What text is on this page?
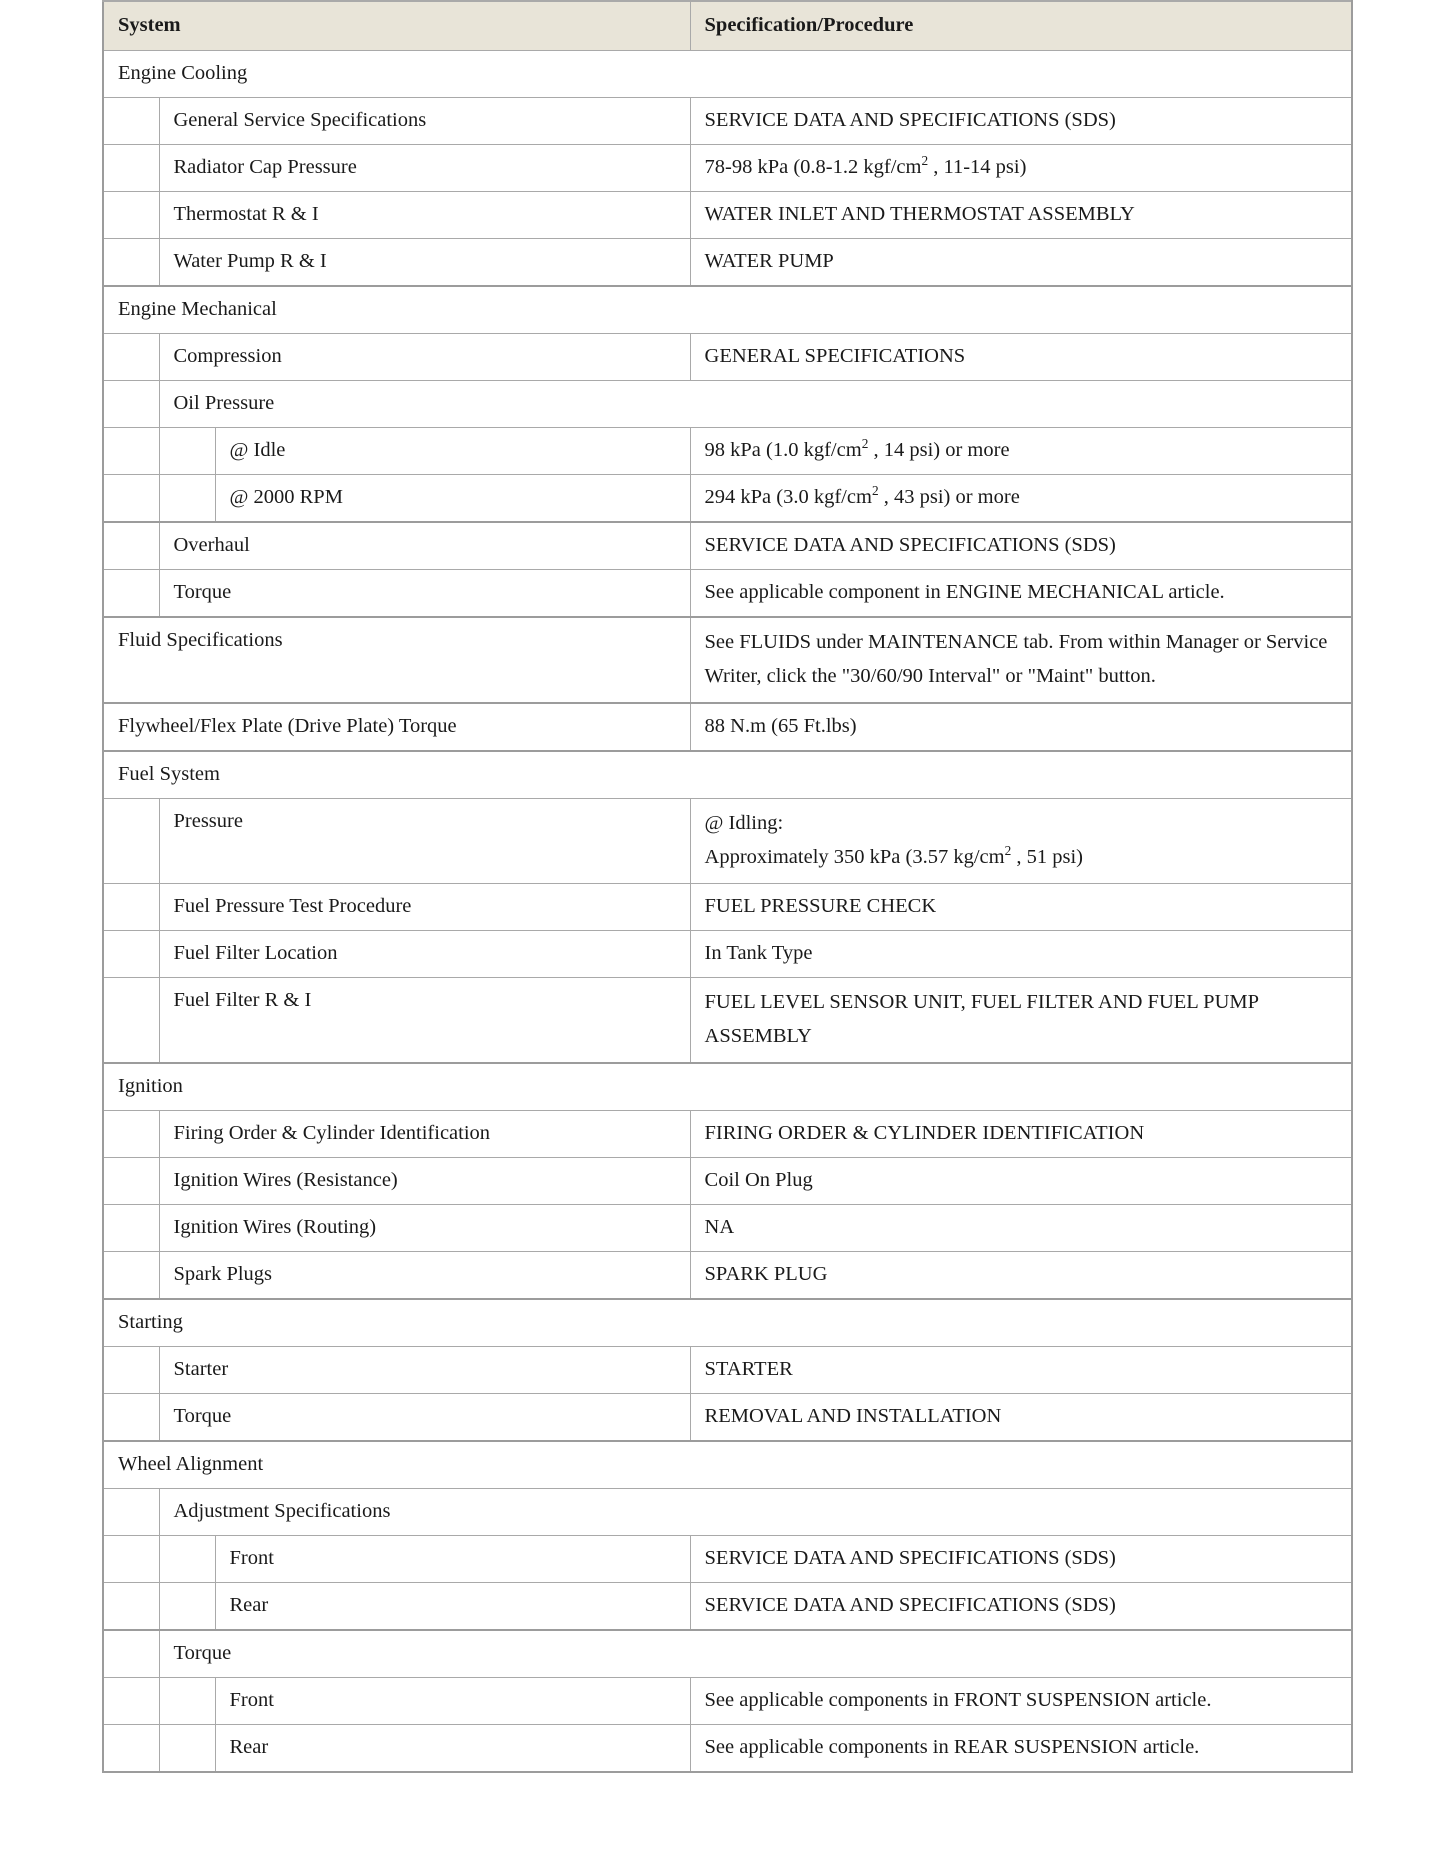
System			Specification/Procedure
Engine Cooling			
	General Service Specifications		SERVICE DATA AND SPECIFICATIONS (SDS)

	Radiator Cap Pressure		78-98 kPa (0.8-1.2 kgf/$cm^2$ , 11-14 psi)

	Thermostat R & I		WATER INLET AND THERMOSTAT ASSEMBLY

	Water Pump R & I		WATER PUMP

Engine Mechanical			
	Compression		GENERAL SPECIFICATIONS

	Oil Pressure		
		@ Idle	98 kPa (1.0 kgf/$cm^2$ , 14 psi) or more

		@ 2000 RPM	294 kPa (3.0 kgf/$cm^2$ , 43 psi) or more

	Overhaul		SERVICE DATA AND SPECIFICATIONS (SDS)

	Torque		See applicable component in ENGINE MECHANICAL article.

Fluid Specifications			See FLUIDS under MAINTENANCE tab. From within Manager or Service Writer, click the "30/60/90 Interval" or "Maint" button.

Flywheel/Flex Plate (Drive Plate) Torque			88 N.m (65 Ft.lbs)

Fuel System			
	Pressure		@ Idling:
Approximately 350 kPa (3.57 $kg/cm^2$ , 51 psi)

	Fuel Pressure Test Procedure		FUEL PRESSURE CHECK

	Fuel Filter Location		In Tank Type

	Fuel Filter R & I		FUEL LEVEL SENSOR UNIT, FUEL FILTER AND FUEL PUMP ASSEMBLY

Ignition			
	Firing Order & Cylinder Identification		FIRING ORDER & CYLINDER IDENTIFICATION

	Ignition Wires (Resistance)		Coil On Plug

	Ignition Wires (Routing)		NA

	Spark Plugs		SPARK PLUG

Starting			
	Starter		STARTER

	Torque		REMOVAL AND INSTALLATION

Wheel Alignment			
	Adjustment Specifications		
		Front	SERVICE DATA AND SPECIFICATIONS (SDS)

		Rear	SERVICE DATA AND SPECIFICATIONS (SDS)

	Torque		
		Front	See applicable components in FRONT SUSPENSION article.

		Rear	See applicable components in REAR SUSPENSION article.
